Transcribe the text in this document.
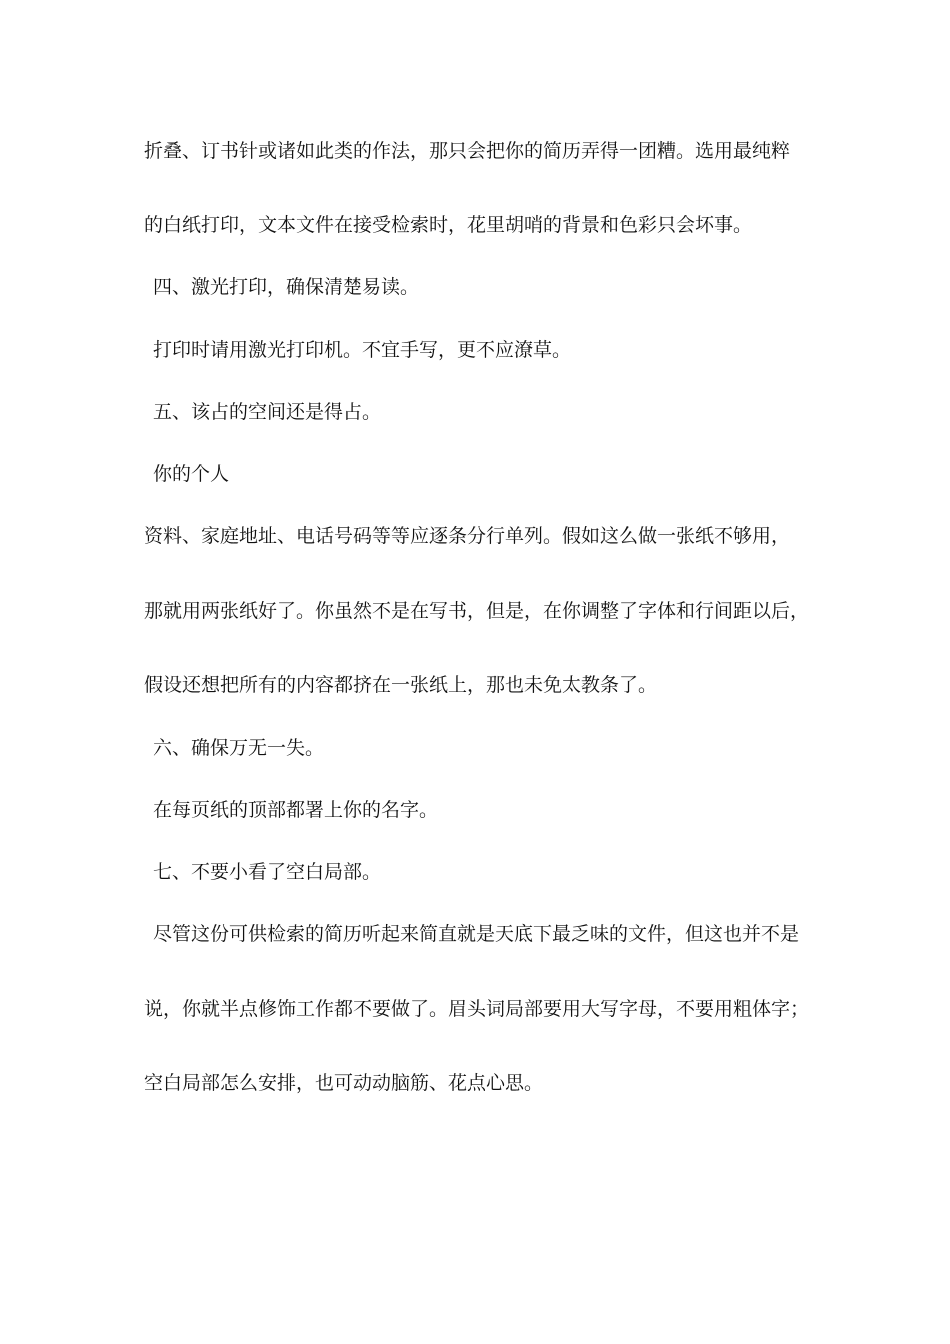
折叠、订书针或诸如此类的作法，那只会把你的简历弄得一团糟。选用最纯粹
的白纸打印，文本文件在接受检索时，花里胡哨的背景和色彩只会坏事。
四、激光打印，确保清楚易读。
打印时请用激光打印机。不宜手写，更不应潦草。
五、该占的空间还是得占。
你的个人
资料、家庭地址、电话号码等等应逐条分行单列。假如这么做一张纸不够用，
那就用两张纸好了。你虽然不是在写书，但是，在你调整了字体和行间距以后，
假设还想把所有的内容都挤在一张纸上，那也未免太教条了。
六、确保万无一失。
在每页纸的顶部都署上你的名字。
七、不要小看了空白局部。
尽管这份可供检索的简历听起来简直就是天底下最乏味的文件，但这也并不是
说，你就半点修饰工作都不要做了。眉头词局部要用大写字母，不要用粗体字；
空白局部怎么安排，也可动动脑筋、花点心思。
